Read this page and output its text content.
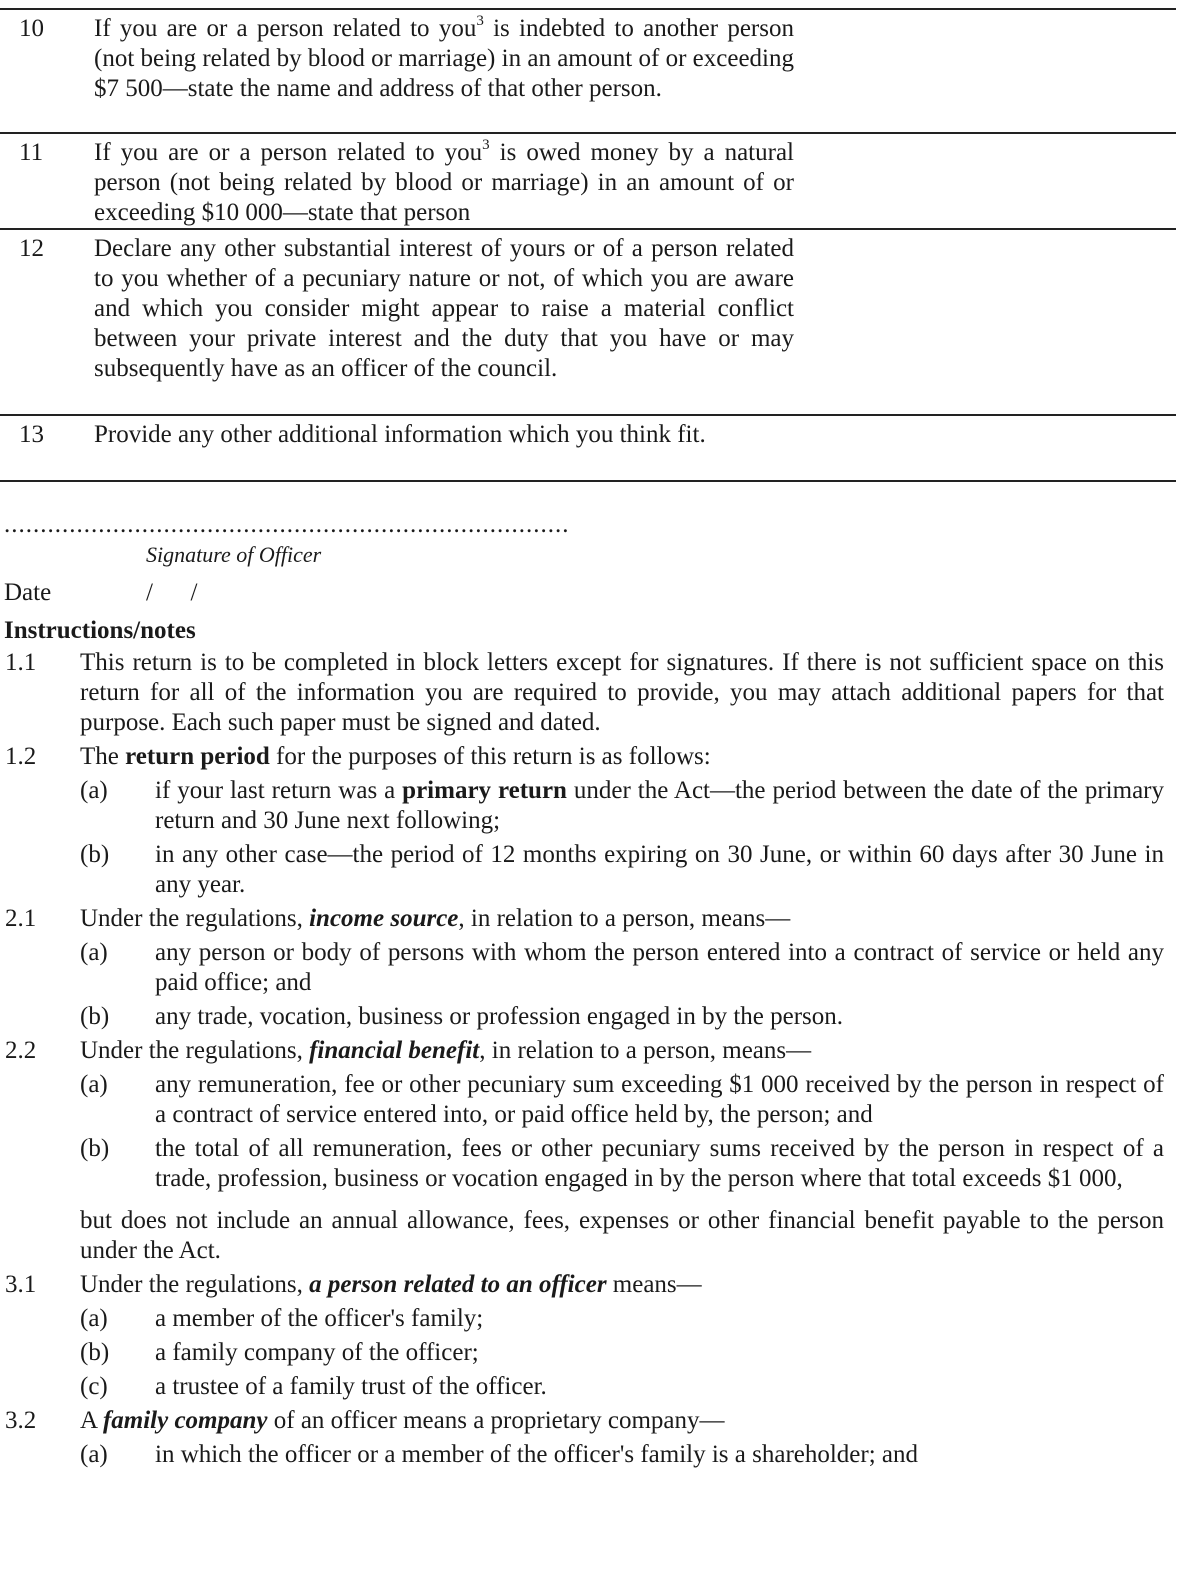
10	If you are or a person related to you$^3$ is indebted to another person (not being related by blood or marriage) in an amount of or exceeding $7 500—state the name and address of that other person.
11	If you are or a person related to you$^3$ is owed money by a natural person (not being related by blood or marriage) in an amount of or exceeding $10 000—state that person
12	Declare any other substantial interest of yours or of a person related to you whether of a pecuniary nature or not, of which you are aware and which you consider might appear to raise a material conflict between your private interest and the duty that you have or may subsequently have as an officer of the council.
13	Provide any other additional information which you think fit.
..............................................................................
Signature of Officer
Date	/      /
Instructions/notes
1.1 This return is to be completed in block letters except for signatures. If there is not sufficient space on this return for all of the information you are required to provide, you may attach additional papers for that purpose. Each such paper must be signed and dated.
1.2 The return period for the purposes of this return is as follows:
(a) if your last return was a primary return under the Act—the period between the date of the primary return and 30 June next following;
(b) in any other case—the period of 12 months expiring on 30 June, or within 60 days after 30 June in any year.
2.1 Under the regulations, income source, in relation to a person, means—
(a) any person or body of persons with whom the person entered into a contract of service or held any paid office; and
(b) any trade, vocation, business or profession engaged in by the person.
2.2 Under the regulations, financial benefit, in relation to a person, means—
(a) any remuneration, fee or other pecuniary sum exceeding $1 000 received by the person in respect of a contract of service entered into, or paid office held by, the person; and
(b) the total of all remuneration, fees or other pecuniary sums received by the person in respect of a trade, profession, business or vocation engaged in by the person where that total exceeds $1 000,
but does not include an annual allowance, fees, expenses or other financial benefit payable to the person under the Act.
3.1 Under the regulations, a person related to an officer means—
(a) a member of the officer's family;
(b) a family company of the officer;
(c) a trustee of a family trust of the officer.
3.2 A family company of an officer means a proprietary company—
(a) in which the officer or a member of the officer's family is a shareholder; and
